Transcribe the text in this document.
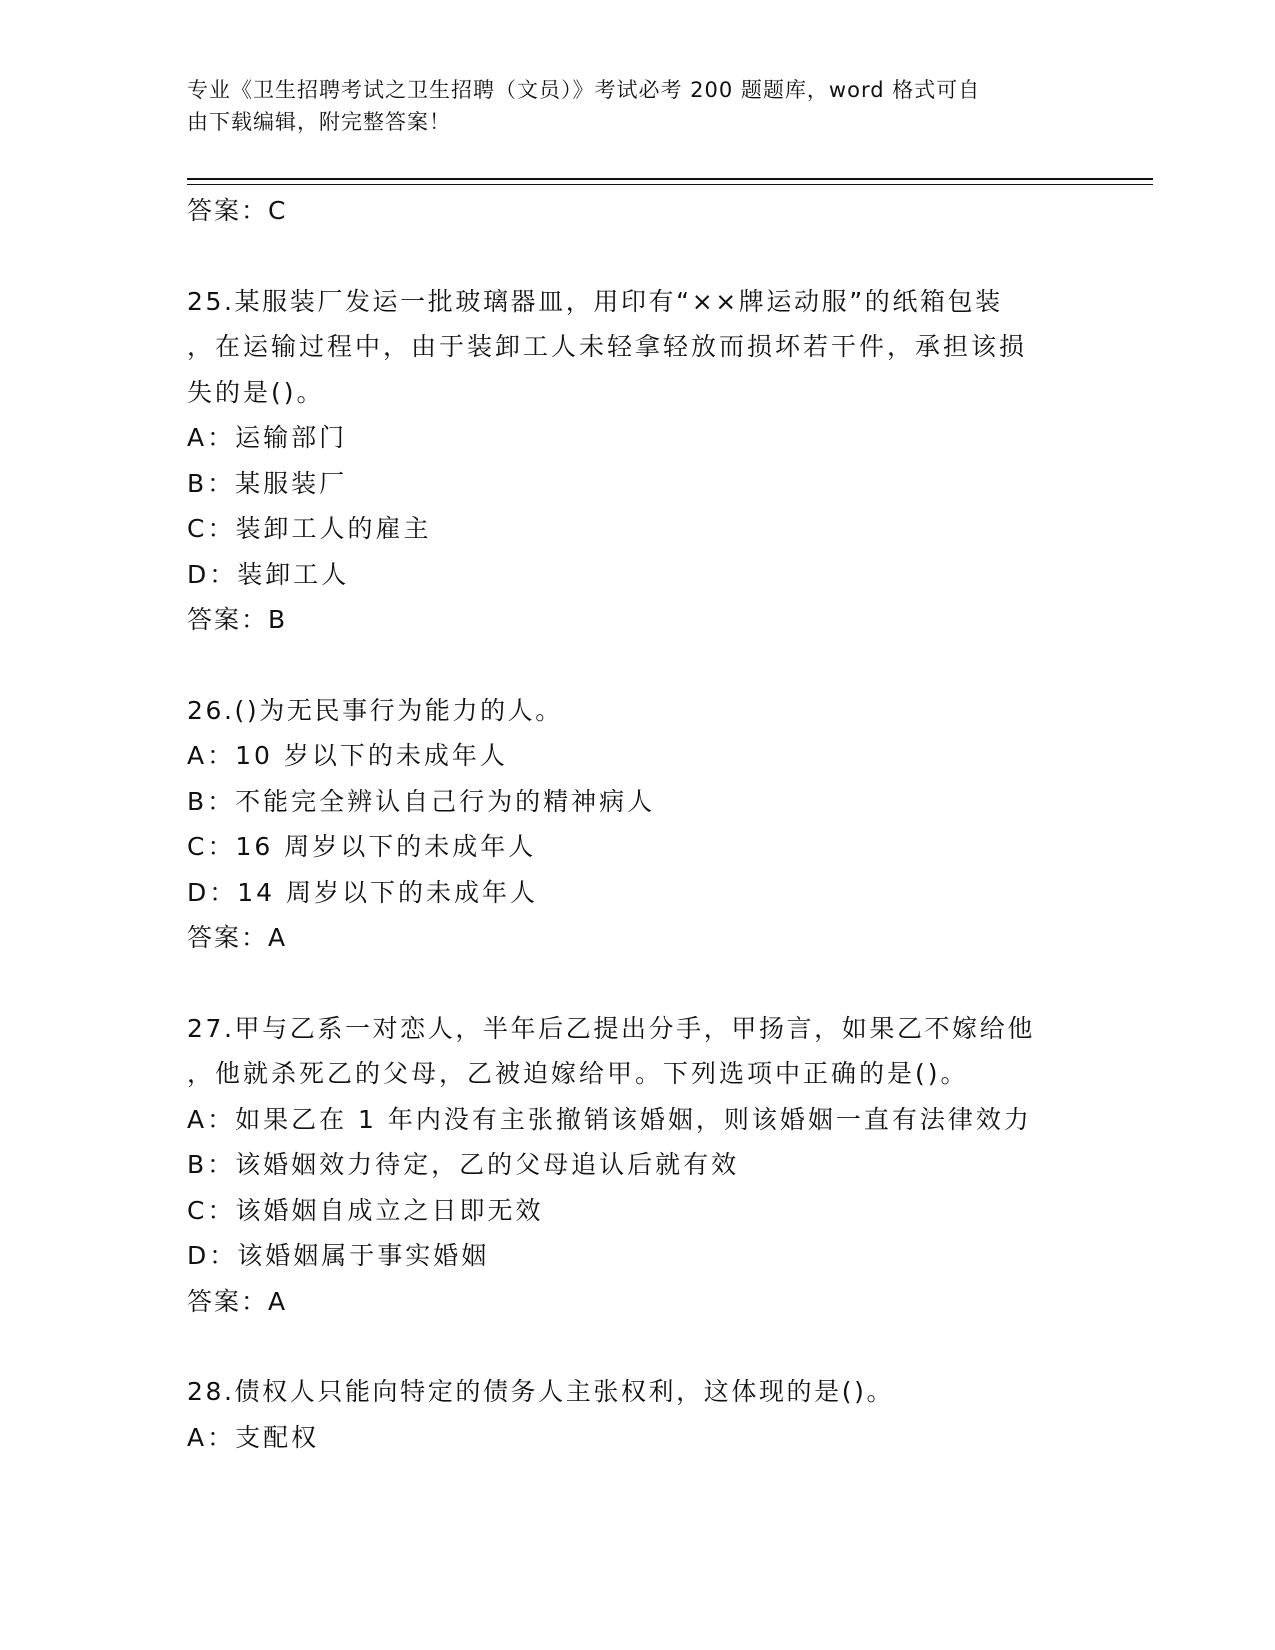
专业《卫生招聘考试之卫生招聘（文员）》考试必考 200 题题库，word 格式可自
由下载编辑，附完整答案！
答案：C
25.某服装厂发运一批玻璃器皿，用印有“××牌运动服”的纸箱包装
，在运输过程中，由于装卸工人未轻拿轻放而损坏若干件，承担该损
失的是()。
A：运输部门
B：某服装厂
C：装卸工人的雇主
D：装卸工人
答案：B
26.()为无民事行为能力的人。
A：10 岁以下的未成年人
B：不能完全辨认自己行为的精神病人
C：16 周岁以下的未成年人
D：14 周岁以下的未成年人
答案：A
27.甲与乙系一对恋人，半年后乙提出分手，甲扬言，如果乙不嫁给他
，他就杀死乙的父母，乙被迫嫁给甲。下列选项中正确的是()。
A：如果乙在 1 年内没有主张撤销该婚姻，则该婚姻一直有法律效力
B：该婚姻效力待定，乙的父母追认后就有效
C：该婚姻自成立之日即无效
D：该婚姻属于事实婚姻
答案：A
28.债权人只能向特定的债务人主张权利，这体现的是()。
A：支配权
